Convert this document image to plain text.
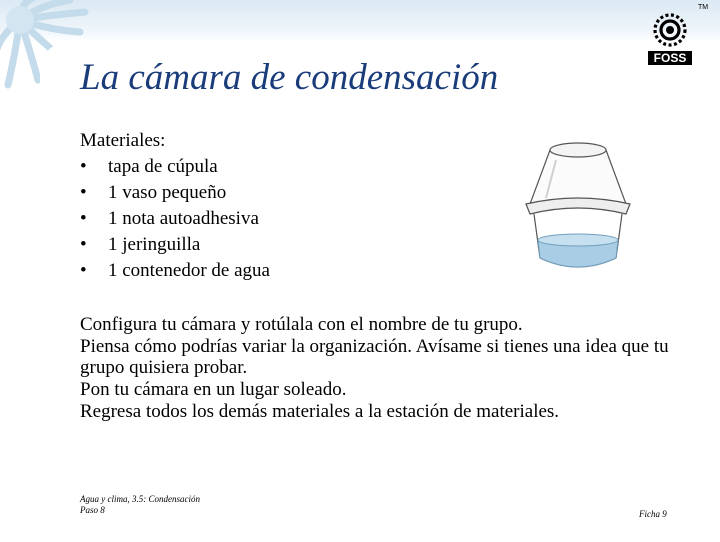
La cámara de condensación
TM
FOSS
Materiales:
•	tapa de cúpula
•	1 vaso pequeño
•	1 nota autoadhesiva
•	1 jeringuilla
•	1 contenedor de agua

Configura tu cámara y rotúlala con el nombre de tu grupo.

Piensa cómo podrías variar la organización. Avísame si tienes una idea que tu grupo quisiera probar.

Pon tu cámara en un lugar soleado.

Regresa todos los demás materiales a la estación de materiales.

Agua y clima, 3.5: Condensación
Paso 8	Ficha 9
